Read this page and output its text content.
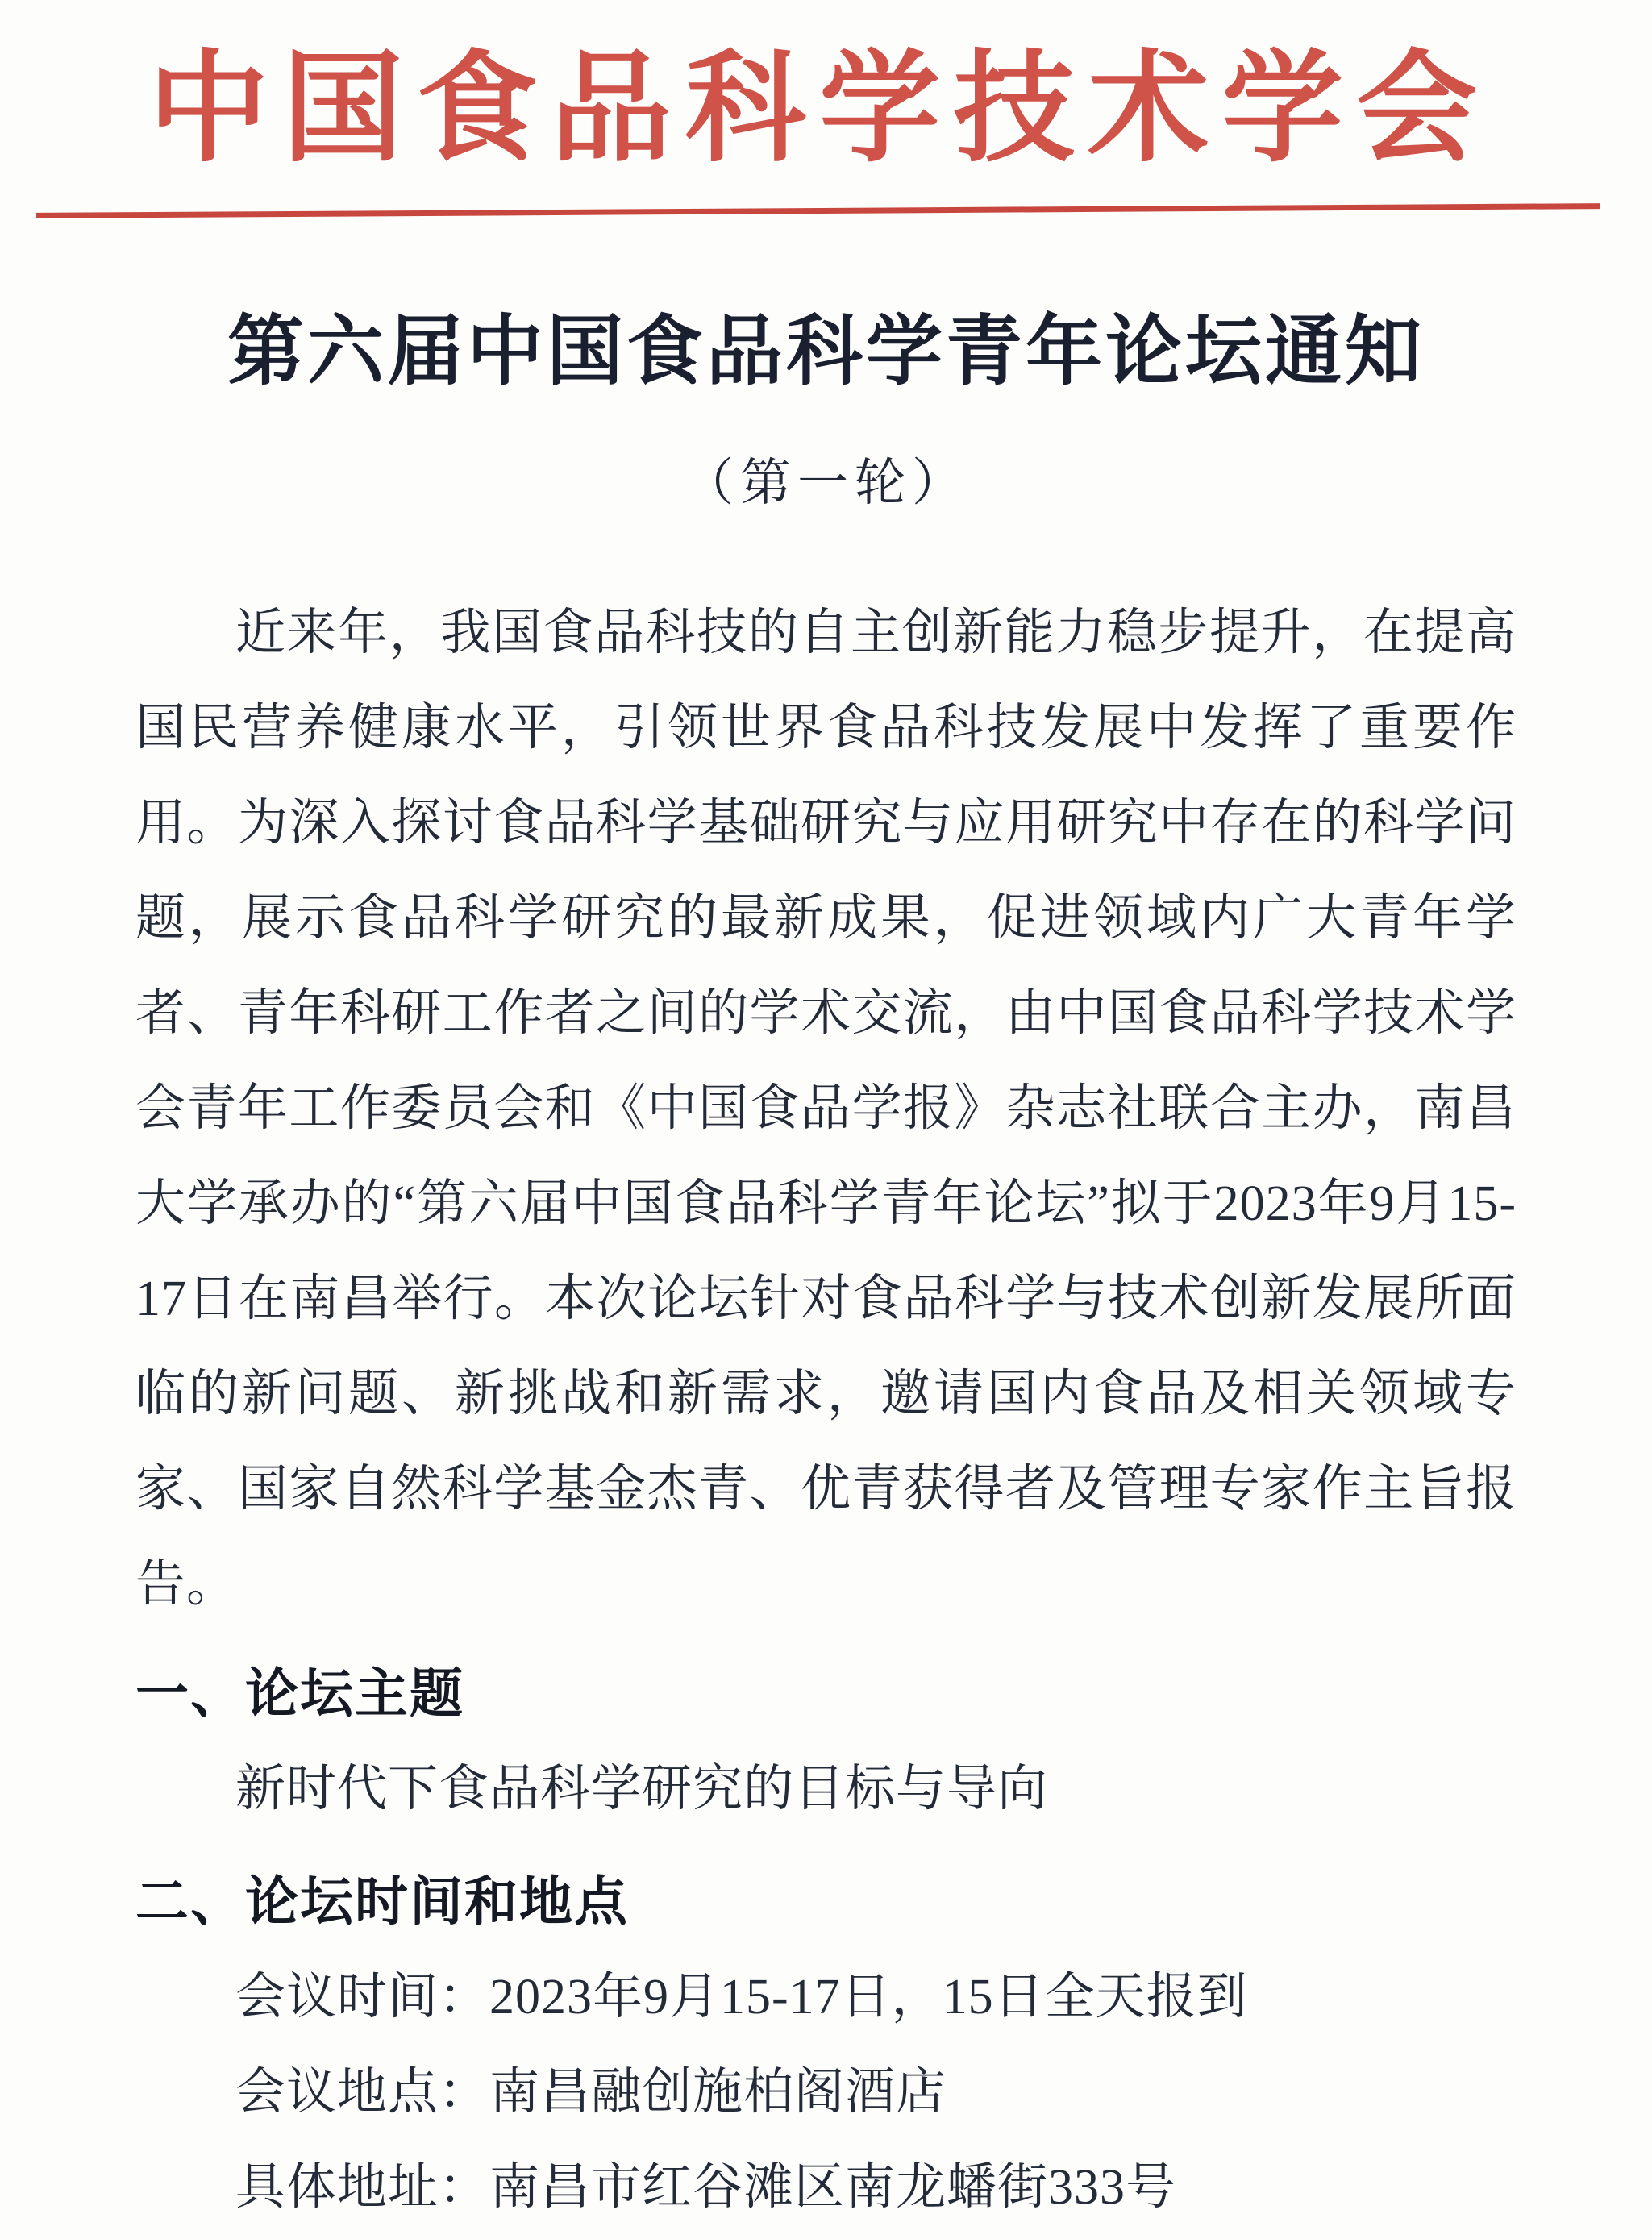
中国食品科学技术学会
第六届中国食品科学青年论坛通知
（第一轮）

近来年，我国食品科技的自主创新能力稳步提升，在提高国民营养健康水平，引领世界食品科技发展中发挥了重要作用。为深入探讨食品科学基础研究与应用研究中存在的科学问题，展示食品科学研究的最新成果，促进领域内广大青年学者、青年科研工作者之间的学术交流，由中国食品科学技术学会青年工作委员会和《中国食品学报》杂志社联合主办，南昌大学承办的“第六届中国食品科学青年论坛”拟于2023年9月15-17日在南昌举行。本次论坛针对食品科学与技术创新发展所面临的新问题、新挑战和新需求，邀请国内食品及相关领域专家、国家自然科学基金杰青、优青获得者及管理专家作主旨报告。

一、论坛主题

新时代下食品科学研究的目标与导向

二、论坛时间和地点

会议时间：2023年9月15-17日，15日全天报到

会议地点：南昌融创施柏阁酒店

具体地址：南昌市红谷滩区南龙蟠街333号
